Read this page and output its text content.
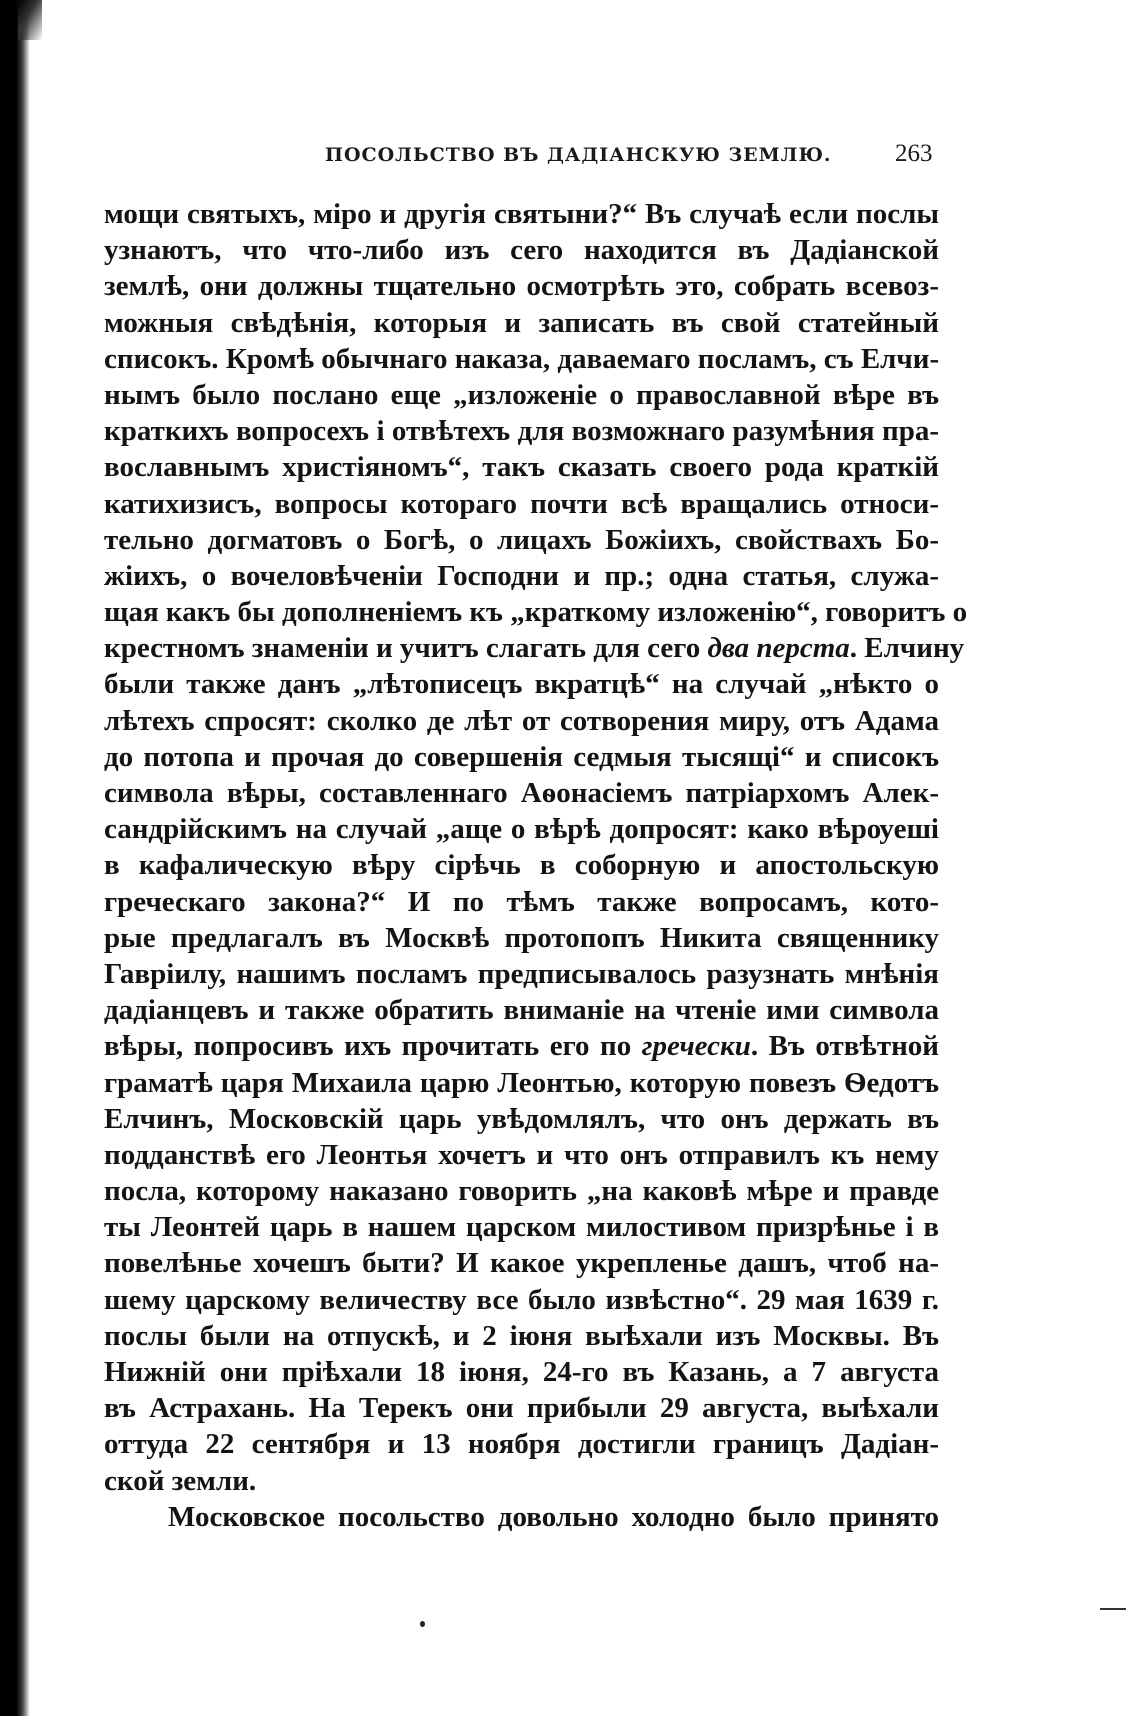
ПОСОЛЬСТВО ВЪ ДАДІАНСКУЮ ЗЕМЛЮ.	263
мощи святыхъ, міро и другія святыни?“ Въ случаѣ если послы
узнаютъ, что что-либо изъ сего находится въ Дадіанской
землѣ, они должны тщательно осмотрѣть это, собрать всевоз-
можныя свѣдѣнія, которыя и записать въ свой статейный
списокъ. Кромѣ обычнаго наказа, даваемаго посламъ, съ Елчи-
нымъ было послано еще „изложеніе о православной вѣре въ
краткихъ вопросехъ і отвѣтехъ для возможнаго разумѣния пра-
вославнымъ христіяномъ“, такъ сказать своего рода краткій
катихизисъ, вопросы котораго почти всѣ вращались относи-
тельно догматовъ о Богѣ, о лицахъ Божіихъ, свойствахъ Бо-
жіихъ, о вочеловѣченіи Господни и пр.; одна статья, служа-
щая какъ бы дополненіемъ къ „краткому изложенію“, говоритъ о
крестномъ знаменіи и учитъ слагать для сего два перста. Елчину
были также данъ „лѣтописецъ вкратцѣ“ на случай „нѣкто о
лѣтехъ спросят: сколко де лѣт от сотворения миру, отъ Адама
до потопа и прочая до совершенія седмыя тысящі“ и списокъ
символа вѣры, составленнаго Аѳонасіемъ патріархомъ Алек-
сандрійскимъ на случай „аще о вѣрѣ допросят: како вѣрѹеші
в кафалическую вѣру сірѣчь в соборную и апостольскую
греческаго закона?“ И по тѣмъ также вопросамъ, кото-
рые предлагалъ въ Москвѣ протопопъ Никита священнику
Гавріилу, нашимъ посламъ предписывалось разузнать мнѣнія
дадіанцевъ и также обратить вниманіе на чтеніе ими символа
вѣры, попросивъ ихъ прочитать его по гречески. Въ отвѣтной
граматѣ царя Михаила царю Леонтью, которую повезъ Ѳедотъ
Елчинъ, Московскій царь увѣдомлялъ, что онъ держать въ
подданствѣ его Леонтья хочетъ и что онъ отправилъ къ нему
посла, которому наказано говорить „на каковѣ мѣре и правде
ты Леонтей царь в нашем царском милостивом призрѣнье і в
повелѣнье хочешъ быти? И какое укрепленье дашъ, чтоб на-
шему царскому величеству все было извѣстно“. 29 мая 1639 г.
послы были на отпускѣ, и 2 іюня выѣхали изъ Москвы. Въ
Нижній они пріѣхали 18 іюня, 24-го въ Казань, а 7 августа
въ Астрахань. На Терекъ они прибыли 29 августа, выѣхали
оттуда 22 сентября и 13 ноября достигли границъ Дадіан-
ской земли.
Московское посольство довольно холодно было принято
